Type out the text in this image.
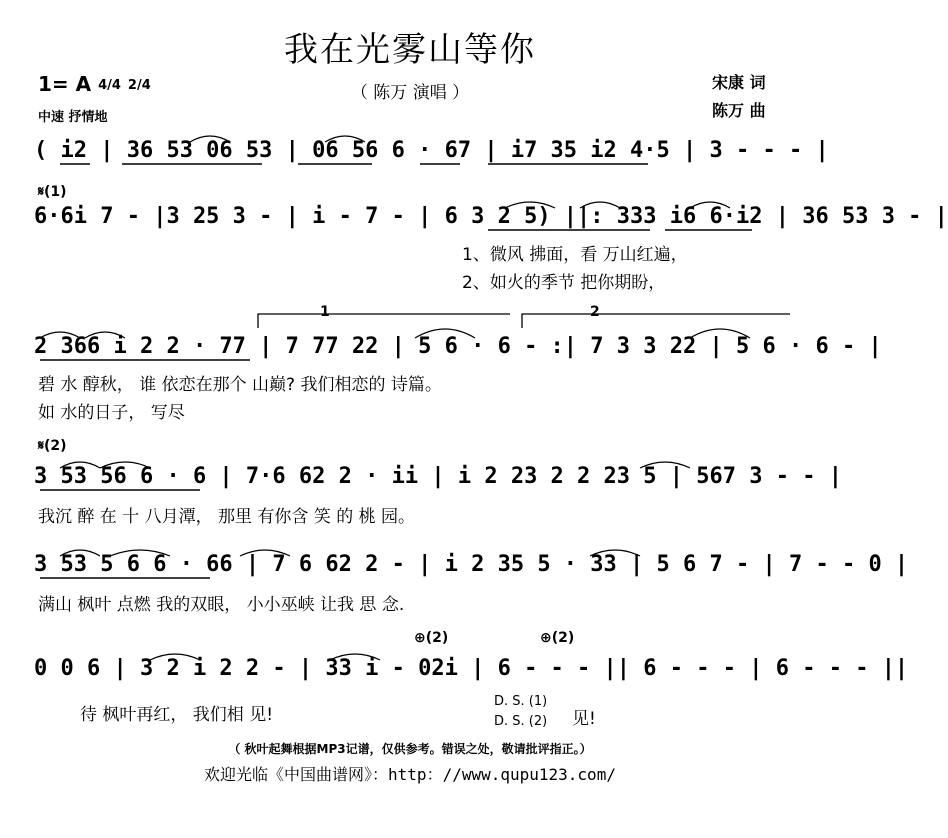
我在光雾山等你
（ 陈万 演唱 ）
1= A 4/4 2/4
中速 抒情地
宋康 词
陈万 曲
( i2 | 36 53 06 53 | 06 56 6 · 67 | i7 35 i2 4·5 | 3 - - - |
𝄋(1)
6·6i 7 - |3 25 3 - | i - 7 - | 6 3 2 5) ||: 333 i6 6·i2 | 36 53 3 - |
1、微风 拂面，看 万山红遍，
2、如火的季节 把你期盼，
1	2
2 366 i 2 2 · 77 | 7 77 22 | 5 6 · 6 - :| 7 3 3 22 | 5 6 · 6 - |
碧 水 醇秋， 谁 依恋在那个 山巅? 我们相恋的 诗篇。
如 水的日子， 写尽
𝄋(2)
3 53 56 6 · 6 | 7·6 62 2 · ii | i 2 23 2 2 23 5 | 567 3 - - |
我沉 醉 在 十 八月潭， 那里 有你含 笑 的 桃 园。
3 53 5 6 6 · 66 | 7 6 62 2 - | i 2 35 5 · 33 | 5 6 7 - | 7 - - 0 |
满山 枫叶 点燃 我的双眼， 小小巫峡 让我 思 念.
⊕(2)	⊕(2)
0 0 6 | 3 2 i 2 2 - | 33 i - 02i | 6 - - - || 6 - - - | 6 - - - ||
待 枫叶再红， 我们相 见!
D. S. (1)
D. S. (2) 见!
（ 秋叶起舞根据MP3记谱，仅供参考。错误之处，敬请批评指正。）
欢迎光临《中国曲谱网》：http：//www.qupu123.com/
